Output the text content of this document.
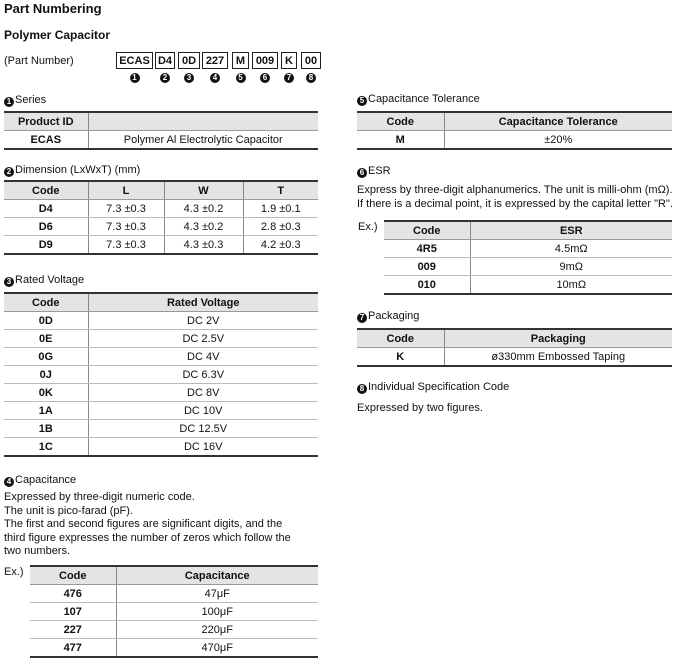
Part Numbering
Polymer Capacitor
(Part Number)	ECAS
1
D4
2
0D
3
227
4
M
5
009
6
K
7
00
8
1 Series
Product ID	
ECAS	Polymer Al Electrolytic Capacitor
2 Dimension (LxWxT) (mm)
Code	L	W	T
D4	7.3 ±0.3	4.3 ±0.2	1.9 ±0.1
D6	7.3 ±0.3	4.3 ±0.2	2.8 ±0.3
D9	7.3 ±0.3	4.3 ±0.3	4.2 ±0.3
3 Rated Voltage
Code	Rated Voltage
0D	DC 2V
0E	DC 2.5V
0G	DC 4V
0J	DC 6.3V
0K	DC 8V
1A	DC 10V
1B	DC 12.5V
1C	DC 16V
4 Capacitance
Expressed by three-digit numeric code.
The unit is pico-farad (pF).
The first and second figures are significant digits, and the third figure expresses the number of zeros which follow the two numbers.
Ex.)	Code	Capacitance
476	47μF
107	100μF
227	220μF
477	470μF
5 Capacitance Tolerance
Code	Capacitance Tolerance
M	±20%
6 ESR
Express by three-digit alphanumerics. The unit is milli-ohm (mΩ).
If there is a decimal point, it is expressed by the capital letter "R".
Ex.)	Code	ESR
4R5	4.5mΩ
009	9mΩ
010	10mΩ
7 Packaging
Code	Packaging
K	ø330mm Embossed Taping
8 Individual Specification Code
Expressed by two figures.
